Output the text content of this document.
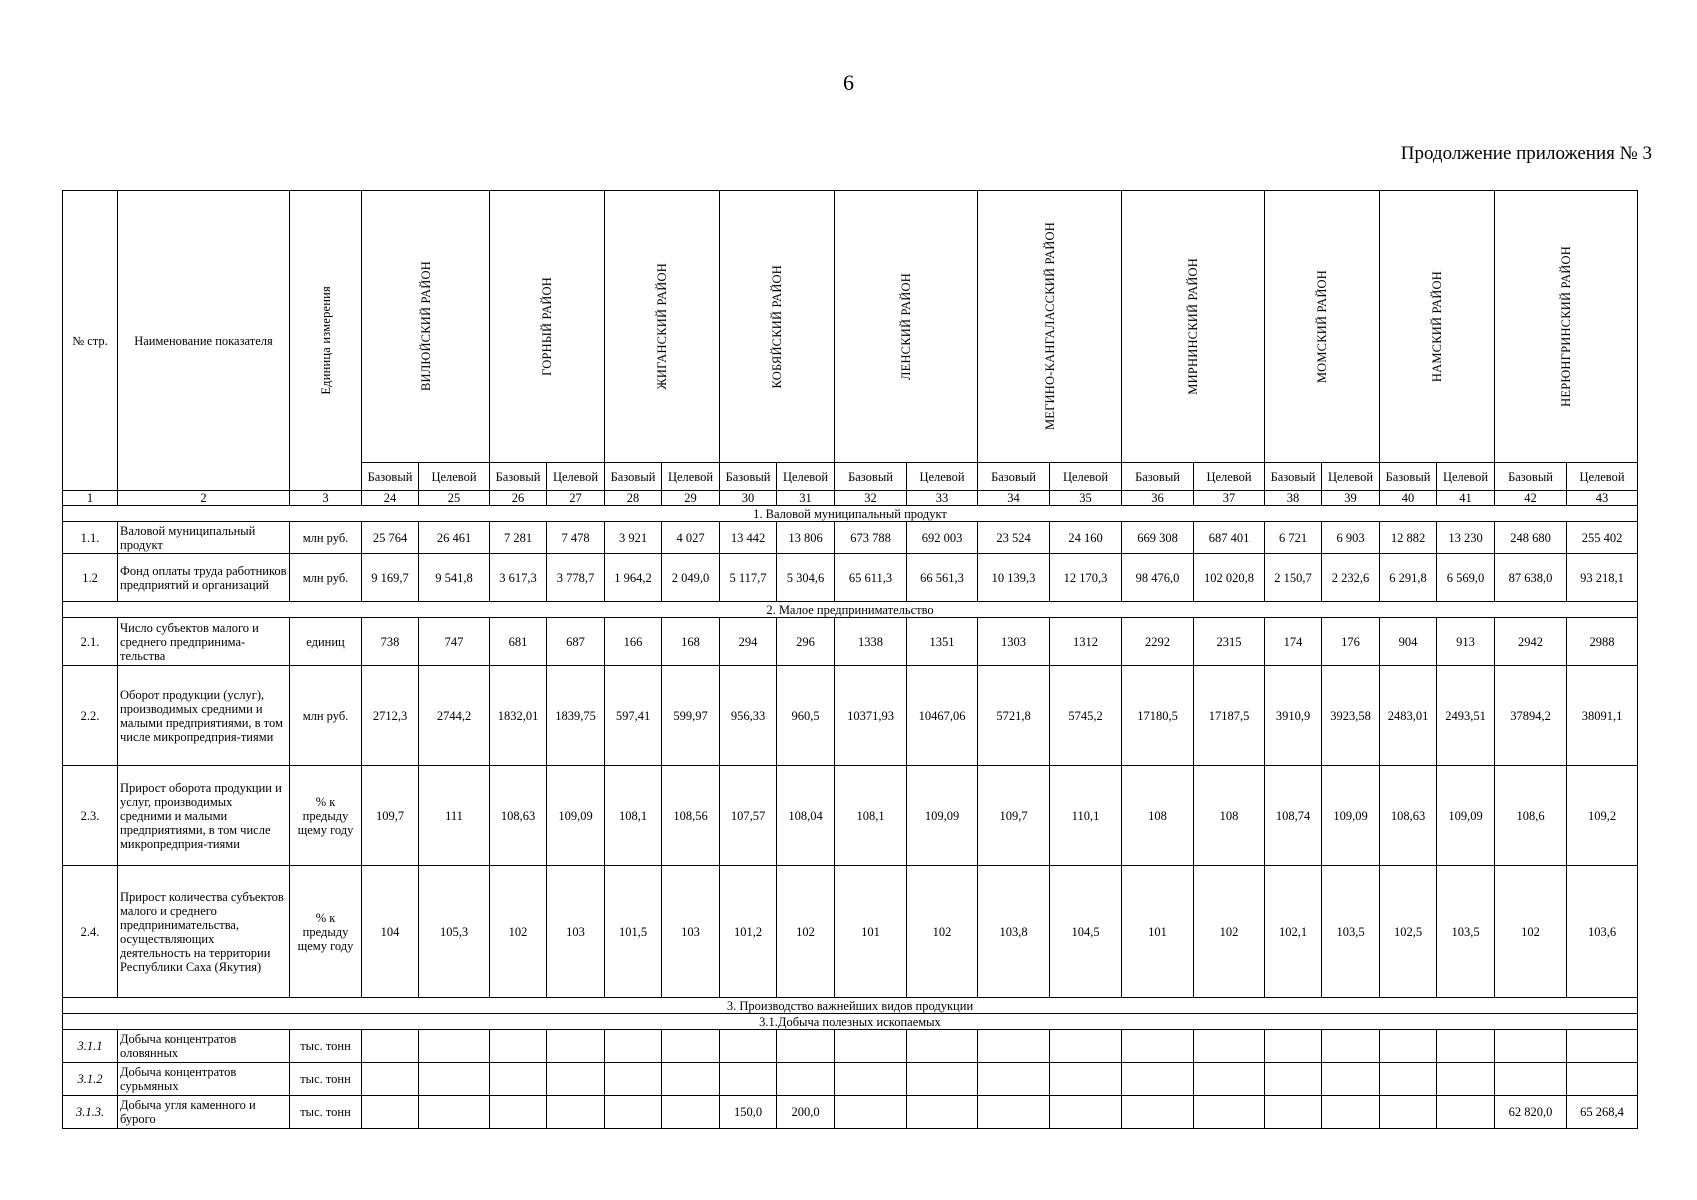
6
Продолжение приложения № 3
№ стр.	Наименование показателя	Единица измерения	ВИЛЮЙСКИЙ РАЙОН		ГОРНЫЙ РАЙОН		ЖИГАНСКИЙ РАЙОН		КОБЯЙСКИЙ РАЙОН		ЛЕНСКИЙ РАЙОН		МЕГИНО-КАНГАЛАССКИЙ РАЙОН		МИРНИНСКИЙ РАЙОН		МОМСКИЙ РАЙОН		НАМСКИЙ РАЙОН		НЕРЮНГРИНСКИЙ РАЙОН	

			Базовый	Целевой	Базовый	Целевой	Базовый	Целевой	Базовый	Целевой	Базовый	Целевой	Базовый	Целевой	Базовый	Целевой	Базовый	Целевой	Базовый	Целевой	Базовый	Целевой
1	2	3	24	25	26	27	28	29	30	31	32	33	34	35	36	37	38	39	40	41	42	43
1. Валовой муниципальный продукт																						
1.1.	Валовой муниципальный продукт	млн руб.	25 764	26 461	7 281	7 478	3 921	4 027	13 442	13 806	673 788	692 003	23 524	24 160	669 308	687 401	6 721	6 903	12 882	13 230	248 680	255 402
1.2	Фонд оплаты труда работников предприятий и организаций	млн руб.	9 169,7	9 541,8	3 617,3	3 778,7	1 964,2	2 049,0	5 117,7	5 304,6	65 611,3	66 561,3	10 139,3	12 170,3	98 476,0	102 020,8	2 150,7	2 232,6	6 291,8	6 569,0	87 638,0	93 218,1
2. Малое предпринимательство																						
2.1.	Число субъектов малого и среднего предпринима-тельства	единиц	738	747	681	687	166	168	294	296	1338	1351	1303	1312	2292	2315	174	176	904	913	2942	2988
2.2.	Оборот продукции (услуг), производимых средними и малыми предприятиями, в том числе микропредприя-тиями	млн руб.	2712,3	2744,2	1832,01	1839,75	597,41	599,97	956,33	960,5	10371,93	10467,06	5721,8	5745,2	17180,5	17187,5	3910,9	3923,58	2483,01	2493,51	37894,2	38091,1
2.3.	Прирост оборота продукции и услуг, производимых средними и малыми предприятиями, в том числе микропредприя-тиями	% к предыду щему году	109,7	111	108,63	109,09	108,1	108,56	107,57	108,04	108,1	109,09	109,7	110,1	108	108	108,74	109,09	108,63	109,09	108,6	109,2
2.4.	Прирост количества субъектов малого и среднего предпринимательства, осуществляющих деятельность на территории Республики Саха (Якутия)	% к предыду щему году	104	105,3	102	103	101,5	103	101,2	102	101	102	103,8	104,5	101	102	102,1	103,5	102,5	103,5	102	103,6
3. Производство важнейших видов продукции																						
3.1.Добыча полезных ископаемых																						
3.1.1	Добыча концентратов оловянных	тыс. тонн																				
3.1.2	Добыча концентратов сурьмяных	тыс. тонн																				
3.1.3.	Добыча угля каменного и бурого	тыс. тонн							150,0	200,0											62 820,0	65 268,4
